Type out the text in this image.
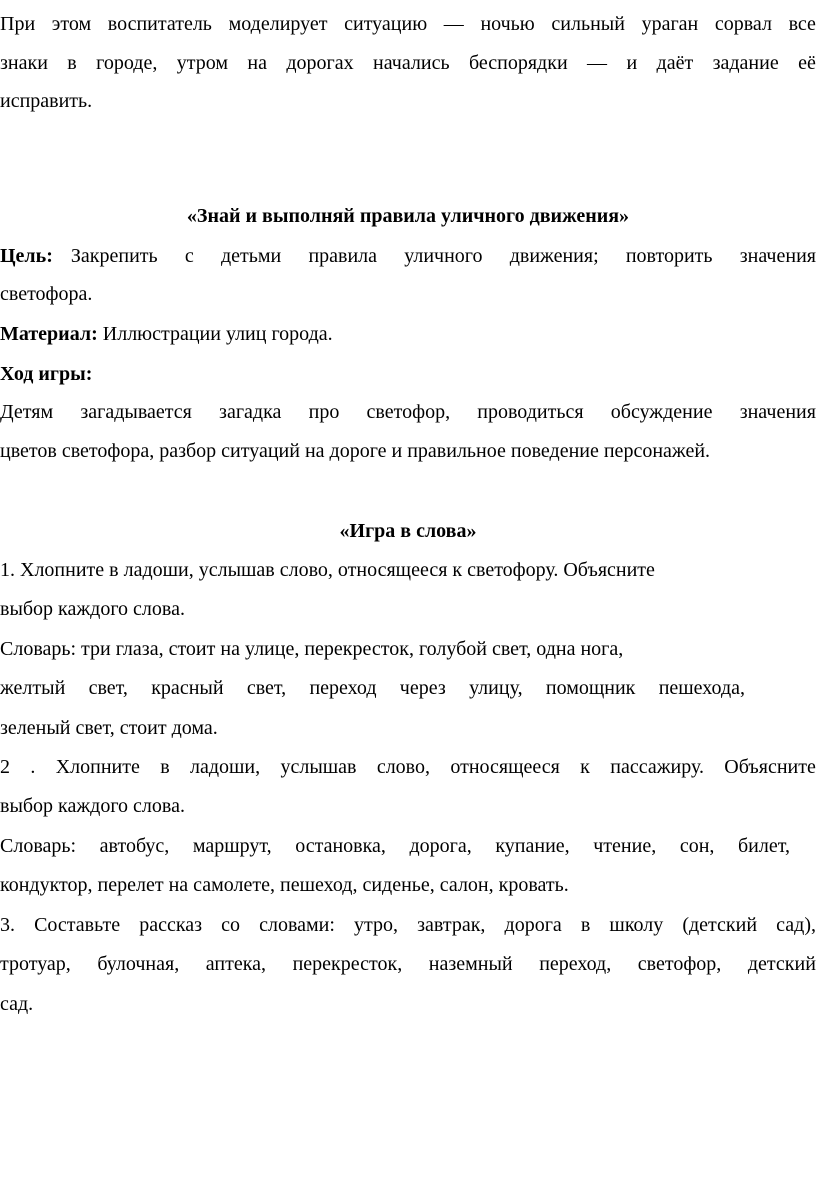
При этом воспитатель моделирует ситуацию — ночью сильный ураган сорвал все
знаки в городе, утром на дорогах начались беспорядки — и даёт задание её
исправить.
«Знай и выполняй правила уличного движения»
Цель: Закрепить с детьми правила уличного движения; повторить значения
светофора.
Материал: Иллюстрации улиц города.
Ход игры:
Детям загадывается загадка про светофор, проводиться обсуждение значения
цветов светофора, разбор ситуаций на дороге и правильное поведение персонажей.
«Игра в слова»
1. Хлопните в ладоши, услышав слово, относящееся к светофору. Объясните
выбор каждого слова.
Словарь: три глаза, стоит на улице, перекресток, голубой свет, одна нога,
желтый свет, красный свет, переход через улицу, помощник пешехода,
зеленый свет, стоит дома.
2 . Хлопните в ладоши, услышав слово, относящееся к пассажиру. Объясните
выбор каждого слова.
Словарь: автобус, маршрут, остановка, дорога, купание, чтение, сон, билет,
кондуктор, перелет на самолете, пешеход, сиденье, салон, кровать.
3. Составьте рассказ со словами: утро, завтрак, дорога в школу (детский сад),
тротуар, булочная, аптека, перекресток, наземный переход, светофор, детский
сад.
